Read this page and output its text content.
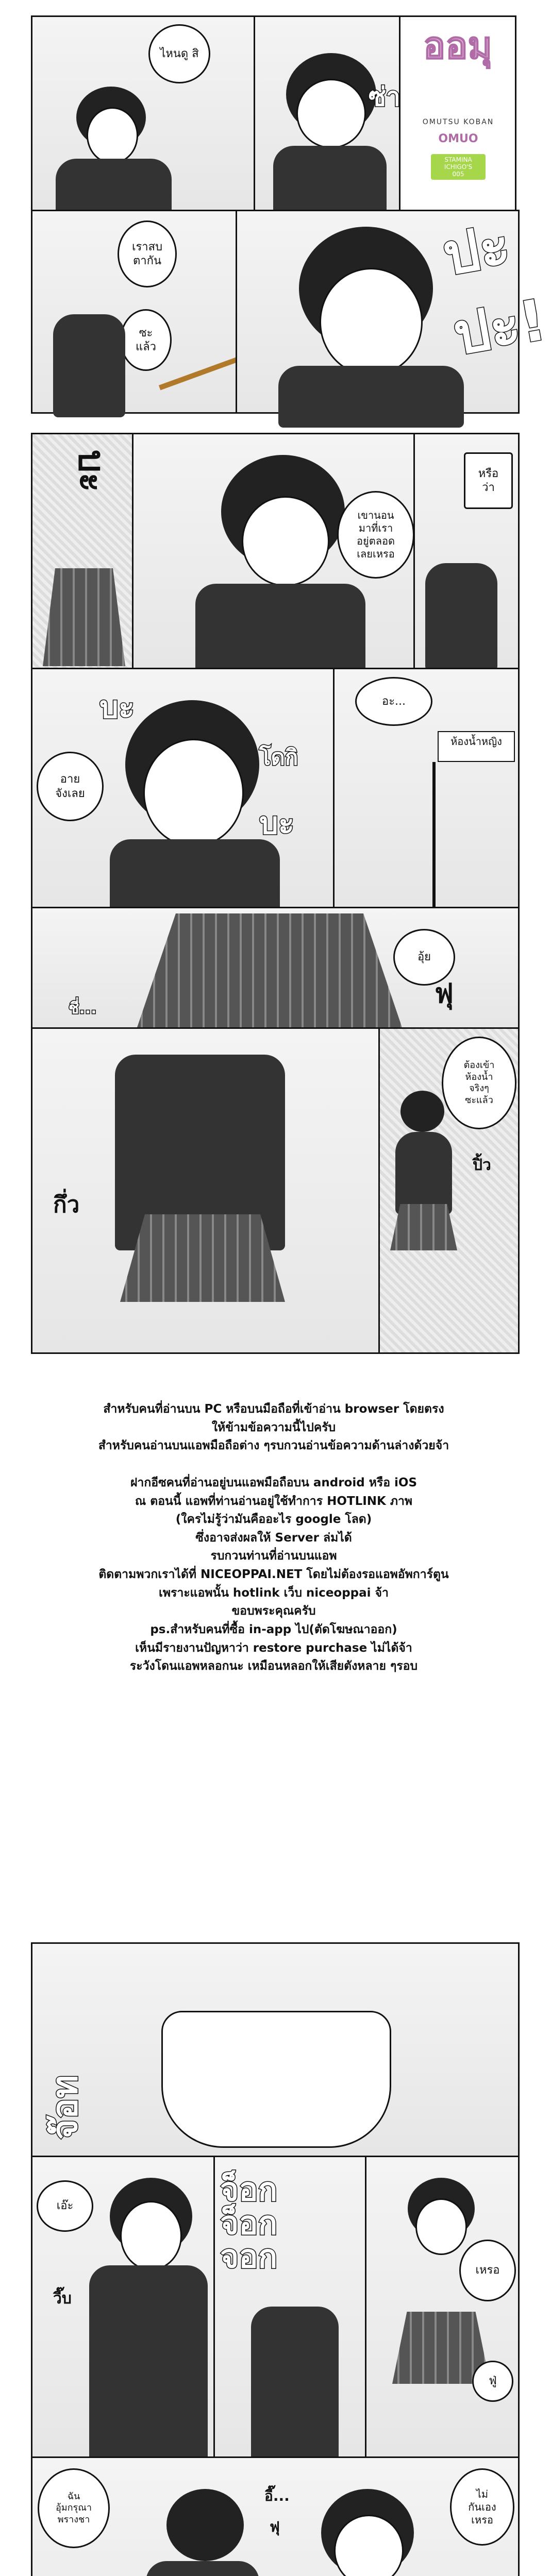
ไหนดู สิ
ซ่า
ออมุ
OMUTSU KOBAN
OMUO
STAMINA ICHIGO'S
005
เราสบ
ตากัน
ซะ
แล้ว
ปะ
ปะ!
บะ
เขานอน
มาที่เรา
อยู่ตลอด
เลยเหรอ
หรือ
ว่า
อาย
จังเลย
บะ
โดกิ
บะ
อะ...
ห้องน้ำหญิง
อุ้ย
ฟุ
ชี่...
กึ่ว
ต้องเข้า
ห้องน้ำ
จริงๆ
ซะแล้ว
ปิ้ว

สำหรับคนที่อ่านบน PC หรือบนมือถือที่เข้าอ่าน browser โดยตรง
ให้ข้ามข้อความนี้ไปครับ
สำหรับคนอ่านบนแอพมือถือต่าง ๆรบกวนอ่านข้อความด้านล่างด้วยจ้า

ฝากอีซคนที่อ่านอยู่บนแอพมือถือบน android หรือ iOS
ณ ตอนนี้ แอพที่ท่านอ่านอยู่ใช้ทำการ HOTLINK ภาพ
(ใครไม่รู้ว่ามันคืออะไร google โลด)
ซึ่งอาจส่งผลให้ Server ล่มได้
รบกวนท่านที่อ่านบนแอพ
ติดตามพวกเราได้ที่ NICEOPPAI.NET โดยไม่ต้องรอแอพอัพการ์ตูน
เพราะแอพนั้น hotlink เว็บ niceoppai จ้า
ขอบพระคุณครับ
ps.สำหรับคนที่ซื้อ in-app ไป(ตัดโฆษณาออก)
เห็นมีรายงานปัญหาว่า restore purchase ไม่ได้จ้า
ระวังโดนแอพหลอกนะ เหมือนหลอกให้เสียตังหลาย ๆรอบ

จ๊อท
เอ๊ะ
วี๊บ
จ็อก
จ็อก
จอก	เหรอ
ฟู่
ฉัน
อุ้มกรุณา
พรางชา
ไม่
กันเอง
เหรอ
อี๊...
ฟุ
